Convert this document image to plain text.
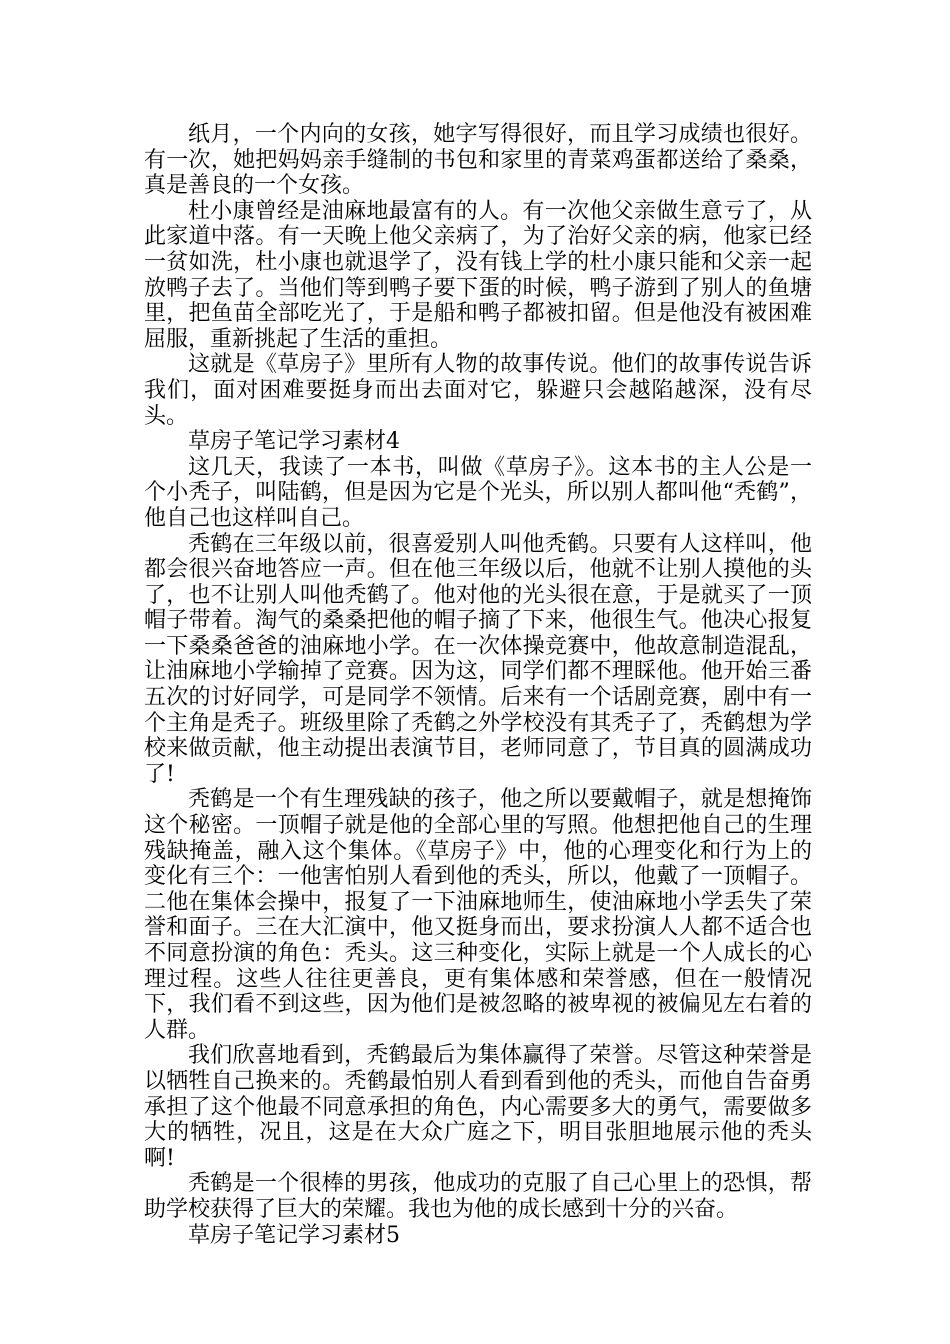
纸月，一个内向的女孩，她字写得很好，而且学习成绩也很好。有一次，她把妈妈亲手缝制的书包和家里的青菜鸡蛋都送给了桑桑，真是善良的一个女孩。

杜小康曾经是油麻地最富有的人。有一次他父亲做生意亏了，从此家道中落。有一天晚上他父亲病了，为了治好父亲的病，他家已经一贫如洗，杜小康也就退学了，没有钱上学的杜小康只能和父亲一起放鸭子去了。当他们等到鸭子要下蛋的时候，鸭子游到了别人的鱼塘里，把鱼苗全部吃光了，于是船和鸭子都被扣留。但是他没有被困难屈服，重新挑起了生活的重担。

这就是《草房子》里所有人物的故事传说。他们的故事传说告诉我们，面对困难要挺身而出去面对它，躲避只会越陷越深，没有尽头。

草房子笔记学习素材4

这几天，我读了一本书，叫做《草房子》。这本书的主人公是一个小秃子，叫陆鹤，但是因为它是个光头，所以别人都叫他“秃鹤”，他自己也这样叫自己。

秃鹤在三年级以前，很喜爱别人叫他秃鹤。只要有人这样叫，他都会很兴奋地答应一声。但在他三年级以后，他就不让别人摸他的头了，也不让别人叫他秃鹤了。他对他的光头很在意，于是就买了一顶帽子带着。淘气的桑桑把他的帽子摘了下来，他很生气。他决心报复一下桑桑爸爸的油麻地小学。在一次体操竞赛中，他故意制造混乱，让油麻地小学输掉了竞赛。因为这，同学们都不理睬他。他开始三番五次的讨好同学，可是同学不领情。后来有一个话剧竞赛，剧中有一个主角是秃子。班级里除了秃鹤之外学校没有其秃子了，秃鹤想为学校来做贡献，他主动提出表演节目，老师同意了，节目真的圆满成功了!

秃鹤是一个有生理残缺的孩子，他之所以要戴帽子，就是想掩饰这个秘密。一顶帽子就是他的全部心里的写照。他想把他自己的生理残缺掩盖，融入这个集体。《草房子》中，他的心理变化和行为上的变化有三个：一他害怕别人看到他的秃头，所以，他戴了一顶帽子。二他在集体会操中，报复了一下油麻地师生，使油麻地小学丢失了荣誉和面子。三在大汇演中，他又挺身而出，要求扮演人人都不适合也不同意扮演的角色：秃头。这三种变化，实际上就是一个人成长的心理过程。这些人往往更善良，更有集体感和荣誉感，但在一般情况下，我们看不到这些，因为他们是被忽略的被卑视的被偏见左右着的人群。

我们欣喜地看到，秃鹤最后为集体赢得了荣誉。尽管这种荣誉是以牺牲自己换来的。秃鹤最怕别人看到看到他的秃头，而他自告奋勇承担了这个他最不同意承担的角色，内心需要多大的勇气，需要做多大的牺牲，况且，这是在大众广庭之下，明目张胆地展示他的秃头啊!

秃鹤是一个很棒的男孩，他成功的克服了自己心里上的恐惧，帮助学校获得了巨大的荣耀。我也为他的成长感到十分的兴奋。

草房子笔记学习素材5
